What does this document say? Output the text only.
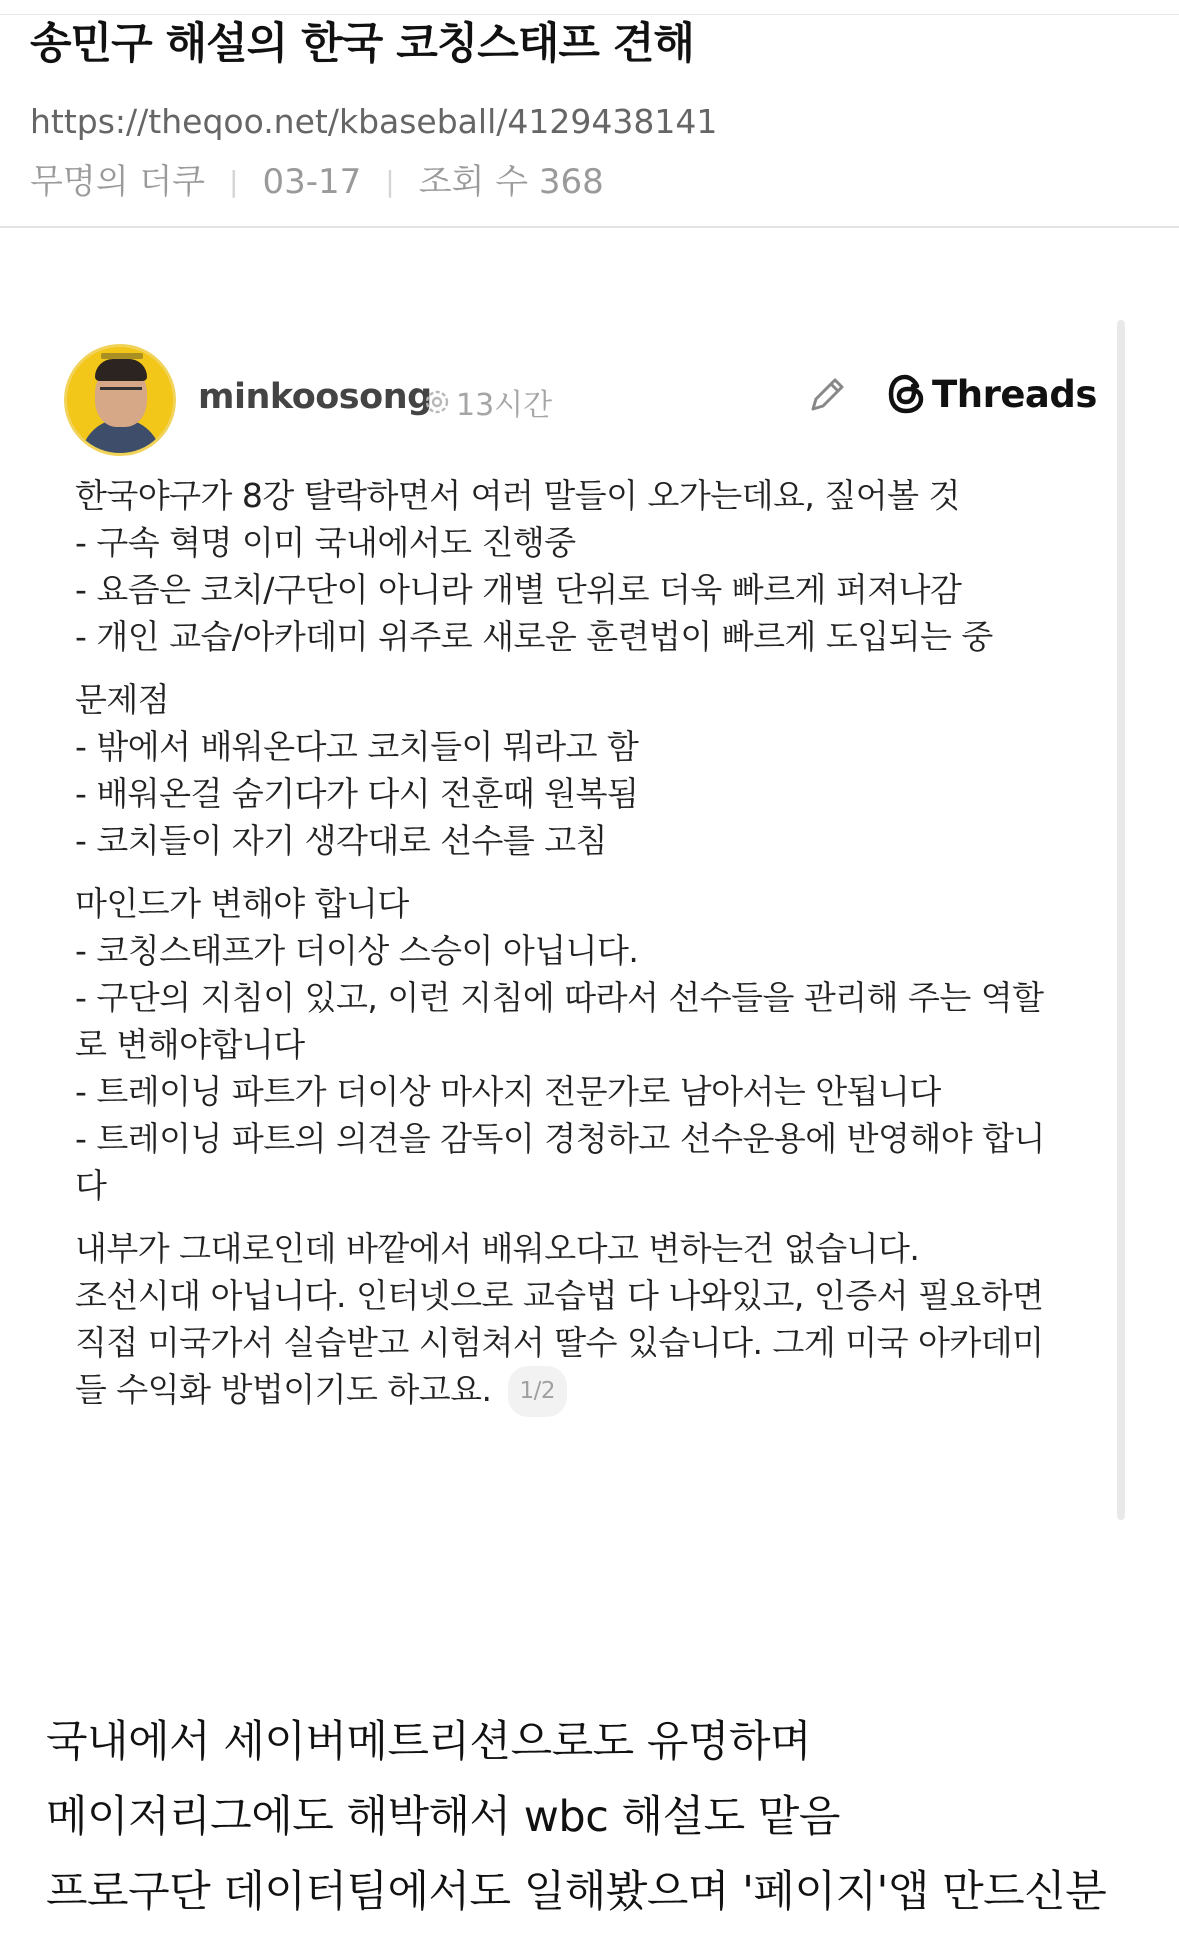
송민구 해설의 한국 코칭스태프 견해
https://theqoo.net/kbaseball/4129438141
무명의 더쿠 | 03-17 | 조회 수 368
minkoosong 13시간	Threads

한국야구가 8강 탈락하면서 여러 말들이 오가는데요, 짚어볼 것

- 구속 혁명 이미 국내에서도 진행중

- 요즘은 코치/구단이 아니라 개별 단위로 더욱 빠르게 퍼져나감

- 개인 교습/아카데미 위주로 새로운 훈련법이 빠르게 도입되는 중

문제점

- 밖에서 배워온다고 코치들이 뭐라고 함

- 배워온걸 숨기다가 다시 전훈때 원복됨

- 코치들이 자기 생각대로 선수를 고침

마인드가 변해야 합니다

- 코칭스태프가 더이상 스승이 아닙니다.

- 구단의 지침이 있고, 이런 지침에 따라서 선수들을 관리해 주는 역할

로 변해야합니다

- 트레이닝 파트가 더이상 마사지 전문가로 남아서는 안됩니다

- 트레이닝 파트의 의견을 감독이 경청하고 선수운용에 반영해야 합니

다

내부가 그대로인데 바깥에서 배워오다고 변하는건 없습니다.

조선시대 아닙니다. 인터넷으로 교습법 다 나와있고, 인증서 필요하면

직접 미국가서 실습받고 시험쳐서 딸수 있습니다. 그게 미국 아카데미

들 수익화 방법이기도 하고요. 1/2

국내에서 세이버메트리션으로도 유명하며

메이저리그에도 해박해서 wbc 해설도 맡음

프로구단 데이터팀에서도 일해봤으며 '페이지'앱 만드신분
